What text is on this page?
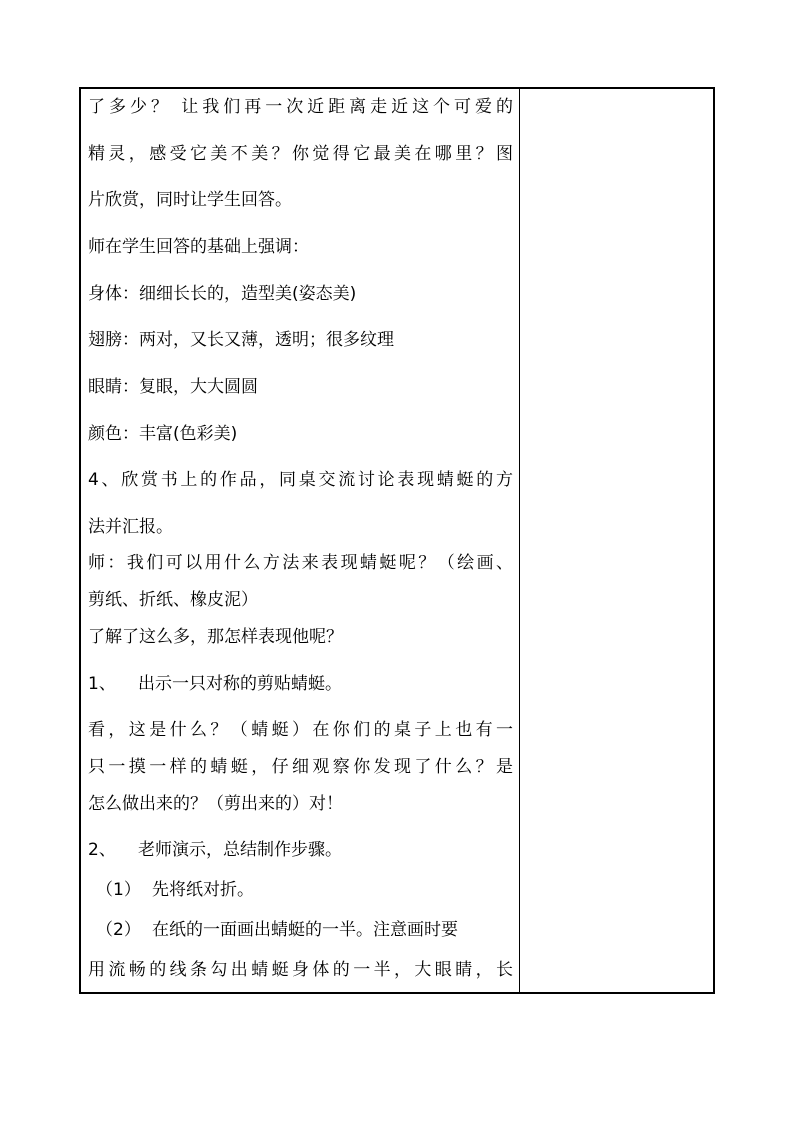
了多少？ 让我们再一次近距离走近这个可爱的
精灵，感受它美不美？你觉得它最美在哪里？图
片欣赏，同时让学生回答。
师在学生回答的基础上强调：
身体：细细长长的，造型美(姿态美)
翅膀：两对，又长又薄，透明；很多纹理
眼睛：复眼，大大圆圆
颜色：丰富(色彩美)
4、欣赏书上的作品，同桌交流讨论表现蜻蜓的方
法并汇报。
师：我们可以用什么方法来表现蜻蜓呢？（绘画、
剪纸、折纸、橡皮泥）
了解了这么多，那怎样表现他呢？
1、 出示一只对称的剪贴蜻蜓。
看，这是什么？（蜻蜓）在你们的桌子上也有一
只一摸一样的蜻蜓，仔细观察你发现了什么？是
怎么做出来的？（剪出来的）对！
2、 老师演示，总结制作步骤。
（1） 先将纸对折。
（2） 在纸的一面画出蜻蜓的一半。注意画时要
用流畅的线条勾出蜻蜓身体的一半，大眼睛，长
